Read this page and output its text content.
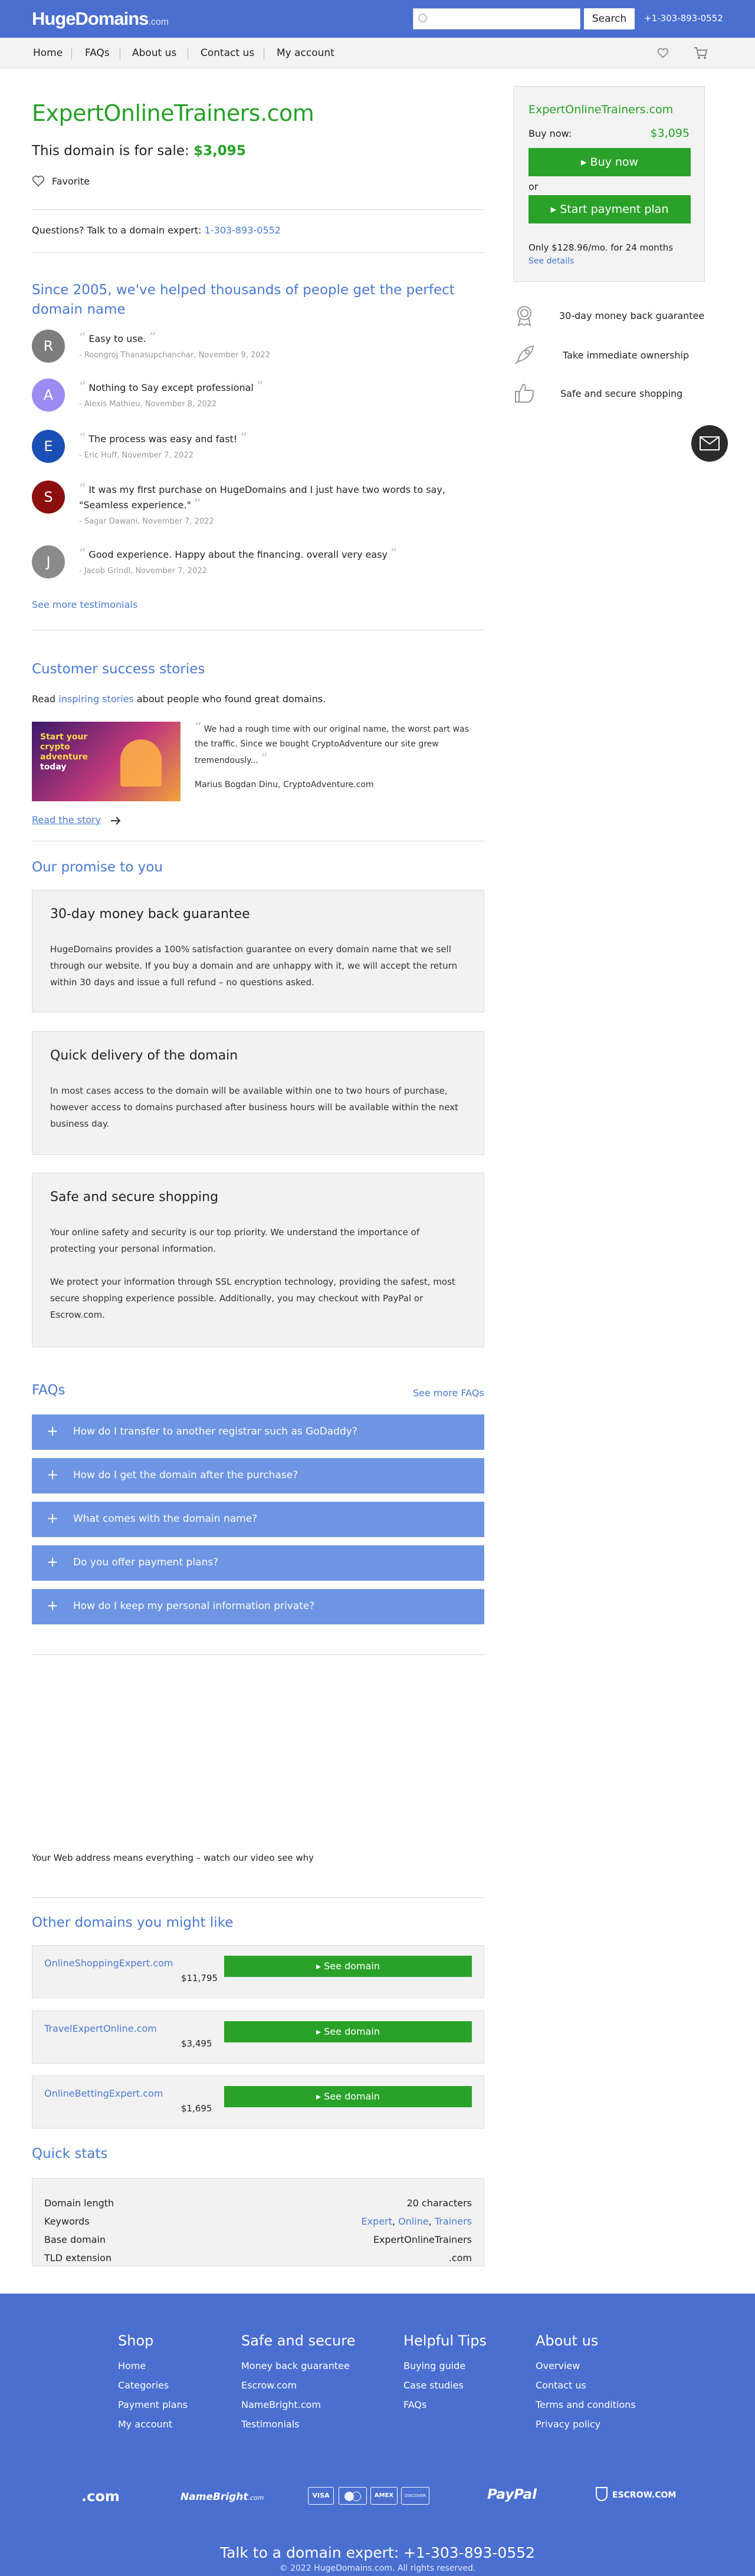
HugeDomains.com	Search	+1-303-893-0552
Home FAQs About us Contact us My account
ExpertOnlineTrainers.com
This domain is for sale: $3,095
Favorite
Questions? Talk to a domain expert: 1-303-893-0552
Since 2005, we've helped thousands of people get the perfect domain name
R	“ Easy to use. ”
- Roongroj Thanasupchanchar, November 9, 2022
A	“ Nothing to Say except professional ”
- Alexis Mathieu, November 8, 2022
E	“ The process was easy and fast! ”
- Eric Huff, November 7, 2022
S	“ It was my first purchase on HugeDomains and I just have two words to say, "Seamless experience." ”
- Sagar Dawani, November 7, 2022
J	“ Good experience. Happy about the financing. overall very easy ”
- Jacob Grindl, November 7, 2022
See more testimonials
Customer success stories
Read inspiring stories about people who found great domains.
Start your crypto
adventure today
“ We had a rough time with our original name, the worst part was the traffic. Since we bought CryptoAdventure our site grew tremendously... ”
Marius Bogdan Dinu, CryptoAdventure.com
Read the story
Our promise to you
30-day money back guarantee

HugeDomains provides a 100% satisfaction guarantee on every domain name that we sell through our website. If you buy a domain and are unhappy with it, we will accept the return within 30 days and issue a full refund – no questions asked.

Quick delivery of the domain

In most cases access to the domain will be available within one to two hours of purchase, however access to domains purchased after business hours will be available within the next business day.

Safe and secure shopping

Your online safety and security is our top priority. We understand the importance of protecting your personal information.

We protect your information through SSL encryption technology, providing the safest, most secure shopping experience possible. Additionally, you may checkout with PayPal or Escrow.com.

FAQs	See more FAQs
+ How do I transfer to another registrar such as GoDaddy?
+ How do I get the domain after the purchase?
+ What comes with the domain name?
+ Do you offer payment plans?
+ How do I keep my personal information private?
Your Web address means everything – watch our video see why
Other domains you might like
OnlineShoppingExpert.com
$11,795
▸ See domain
TravelExpertOnline.com
$3,495
▸ See domain
OnlineBettingExpert.com
$1,695
▸ See domain
Quick stats
Domain length	20 characters
Keywords	Expert, Online, Trainers
Base domain	ExpertOnlineTrainers
TLD extension	.com
ExpertOnlineTrainers.com
Buy now:	$3,095
▸ Buy now
or
▸ Start payment plan
Only $128.96/mo. for 24 months
See details
30-day money back guarantee
Take immediate ownership
Safe and secure shopping
Shop
Home
Categories
Payment plans
My account
Safe and secure
Money back guarantee
Escrow.com
NameBright.com
Testimonials
Helpful Tips
Buying guide
Case studies
FAQs
About us
Overview
Contact us
Terms and conditions
Privacy policy
.com	NameBright.com	VISA	AMEX	DISCOVER	PayPal	ESCROW.COM
Talk to a domain expert: +1-303-893-0552
© 2022 HugeDomains.com. All rights reserved.
